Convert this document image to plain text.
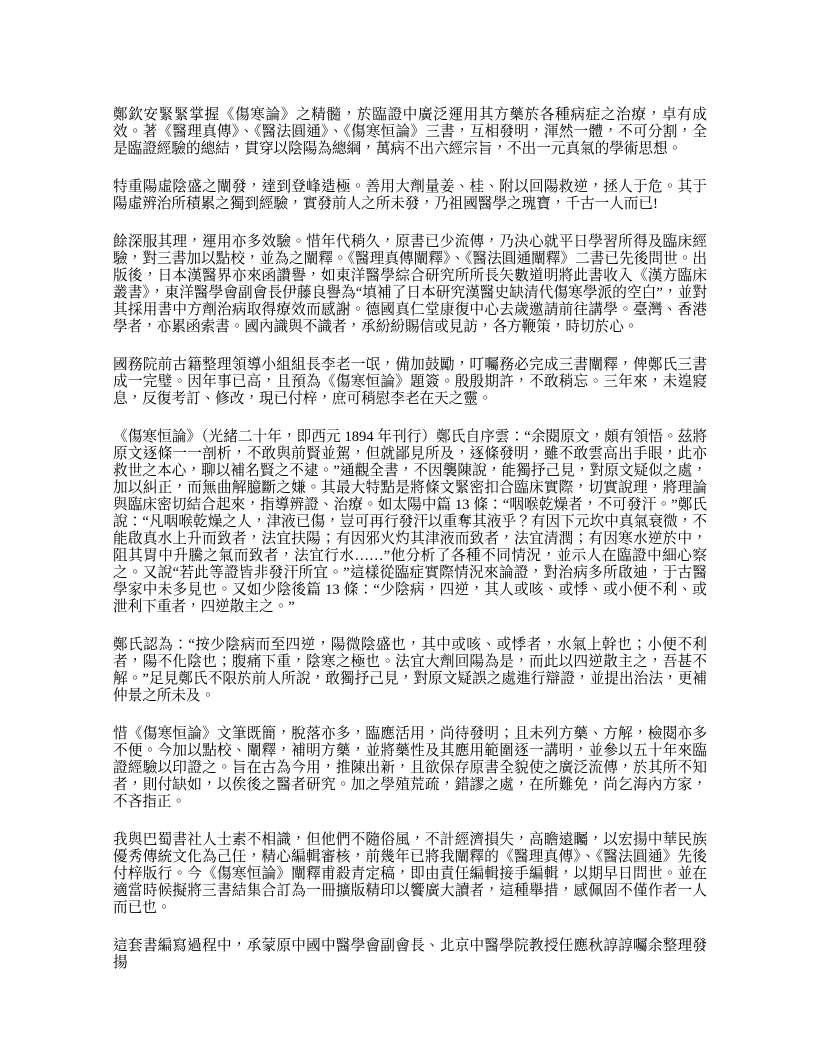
鄭欽安緊緊掌握《傷寒論》之精髓，於臨證中廣泛運用其方藥於各種病症之治療，卓有成效。著《醫理真傳》、《醫法圓通》、《傷寒恒論》三書，互相發明，渾然一體，不可分割，全是臨證經驗的總結，貫穿以陰陽為總綱，萬病不出六經宗旨，不出一元真氣的學術思想。

特重陽虛陰盛之闡發，達到登峰造極。善用大劑量姜、桂、附以回陽救逆，拯人于危。其于陽虛辨治所積累之獨到經驗，實發前人之所未發，乃祖國醫學之瑰寶，千古一人而已!

餘深服其理，運用亦多效驗。惜年代稍久，原書已少流傳，乃決心就平日學習所得及臨床經驗，對三書加以點校，並為之闡釋。《醫理真傳闡釋》、《醫法圓通闡釋》二書已先後問世。出版後，日本漢醫界亦來函讚譽，如東洋醫學綜合研究所所長矢數道明將此書收入《漢方臨床叢書》，東洋醫學會副會長伊藤良譽為“填補了日本研究漢醫史缺清代傷寒學派的空白”，並對其採用書中方劑治病取得療效而感謝。德國真仁堂康復中心去歲邀請前往講學。臺灣、香港學者，亦累函索書。國內識與不識者，承紛紛賜信或見訪，各方鞭策，時切於心。

國務院前古籍整理領導小組組長李老一氓，備加鼓勵，叮囑務必完成三書闡釋，俾鄭氏三書成一完璧。因年事已高，且預為《傷寒恒論》題簽。殷殷期許，不敢稍忘。三年來，未遑寢息，反復考訂、修改，現已付梓，庶可稍慰李老在天之靈。

《傷寒恒論》（光緒二十年，即西元 1894 年刊行）鄭氏自序雲：“余閱原文，頗有領悟。茲將原文逐條一一剖析，不敢與前賢並駕，但就鄙見所及，逐條發明，雖不敢雲高出手眼，此亦救世之本心，聊以補名賢之不逮。”通觀全書，不因襲陳說，能獨抒己見，對原文疑似之處，加以糾正，而無曲解臆斷之嫌。其最大特點是將條文緊密扣合臨床實際，切實說理，將理論與臨床密切結合起來，指導辨證、治療。如太陽中篇 13 條：“咽喉乾燥者，不可發汗。”鄭氏說：“凡咽喉乾燥之人，津液已傷，豈可再行發汗以重奪其液乎？有因下元坎中真氣衰微，不能啟真水上升而致者，法宜扶陽；有因邪火灼其津液而致者，法宜清潤；有因寒水逆於中，阻其胃中升騰之氣而致者，法宜行水……”他分析了各種不同情況，並示人在臨證中細心察之。又說“若此等證皆非發汗所宜。”這樣從臨症實際情況來論證，對治病多所啟迪，于古醫學家中未多見也。又如少陰後篇 13 條：“少陰病，四逆，其人或咳、或悸、或小便不利、或泄利下重者，四逆散主之。”

鄭氏認為：“按少陰病而至四逆，陽微陰盛也，其中或咳、或悸者，水氣上幹也；小便不利者，陽不化陰也；腹痛下重，陰寒之極也。法宜大劑回陽為是，而此以四逆散主之，吾甚不解。”足見鄭氏不限於前人所說，敢獨抒己見，對原文疑誤之處進行辯證，並提出治法，更補仲景之所未及。

惜《傷寒恒論》文筆既簡，脫落亦多，臨應活用，尚待發明；且未列方藥、方解，檢閱亦多不便。今加以點校、闡釋，補明方藥，並將藥性及其應用範圍逐一講明，並參以五十年來臨證經驗以印證之。旨在古為今用，推陳出新，且欲保存原書全貌使之廣泛流傳，於其所不知者，則付缺如，以俟後之醫者研究。加之學殖荒疏，錯謬之處，在所難免，尚乞海內方家，不吝指正。

我與巴蜀書社人士素不相識，但他們不隨俗風，不計經濟損失，高瞻遠矚，以宏揚中華民族優秀傳統文化為己任，精心編輯審核，前幾年已將我闡釋的《醫理真傳》、《醫法圓通》先後付梓版行。今《傷寒恒論》闡釋甫殺青定稿，即由責任編輯接手編輯，以期早日問世。並在適當時候擬將三書結集合訂為一冊擴版精印以饗廣大讀者，這種舉措，感佩固不僅作者一人而已也。

這套書編寫過程中，承蒙原中國中醫學會副會長、北京中醫學院教授任應秋諄諄囑余整理發揚
